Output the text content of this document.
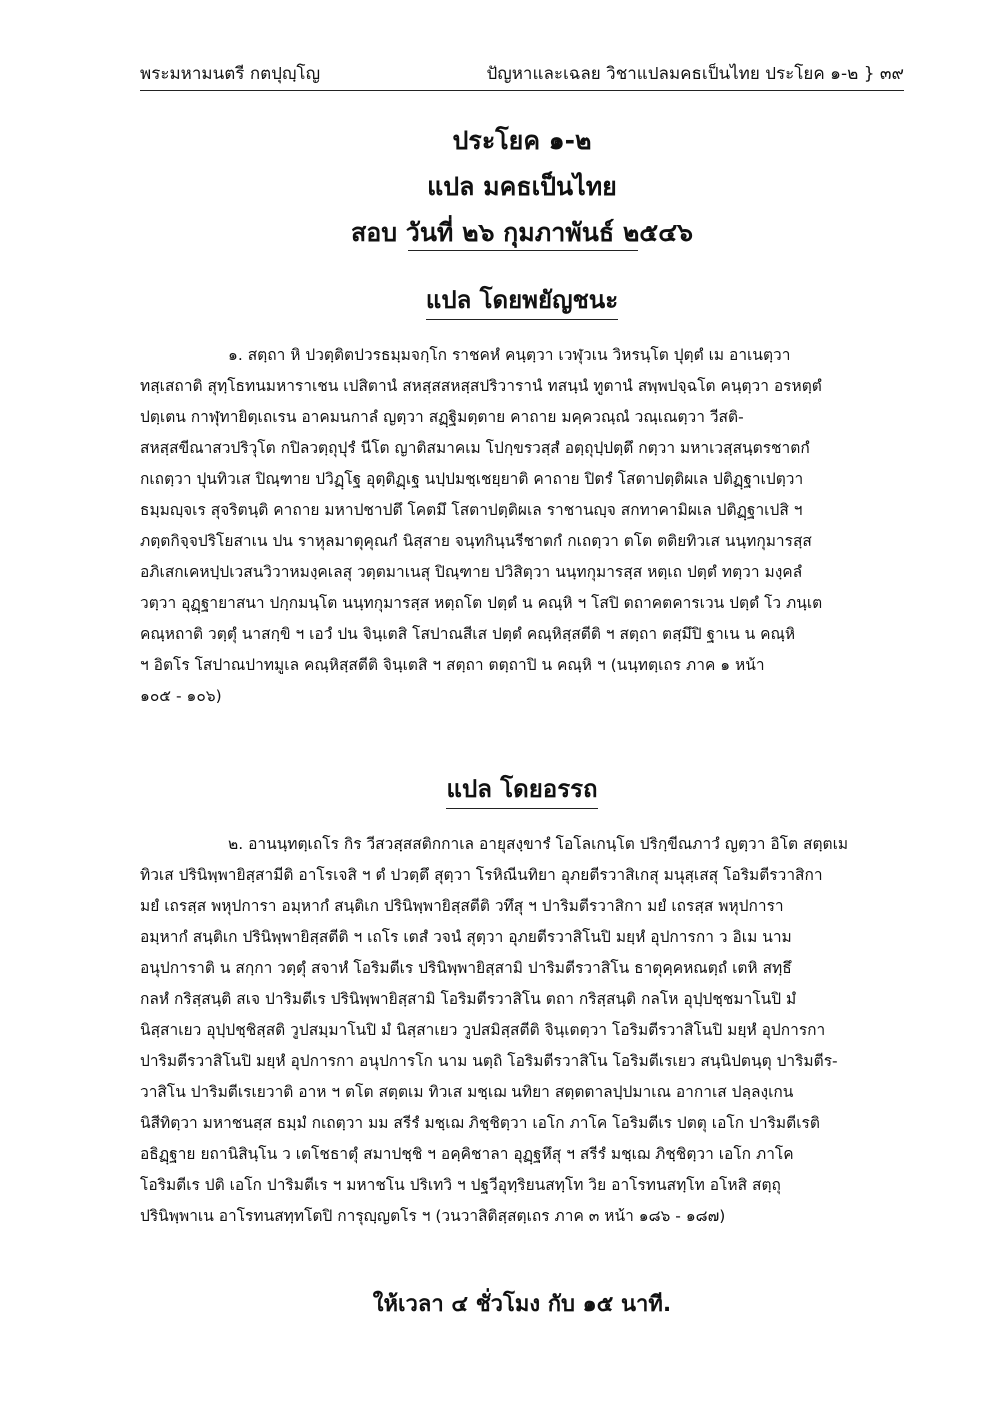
พระมหามนตรี กตปุญฺโญ	ปัญหาและเฉลย วิชาแปลมคธเป็นไทย ประโยค ๑-๒ } ๓๙
ประโยค ๑-๒
แปล มคธเป็นไทย
สอบ วันที่ ๒๖ กุมภาพันธ์ ๒๕๔๖
แปล โดยพยัญชนะ
๑. สตฺถา หิ ปวตฺติตปวรธมฺมจกฺโก ราชคหํ คนฺตฺวา เวฬุวเน วิหรนฺโต ปุตฺตํ เม อาเนตฺวา
ทสฺเสถาติ สุทฺโธทนมหาราเชน เปสิตานํ สหสฺสสหสฺสปริวารานํ ทสนฺนํ ทูตานํ สพฺพปจฺฉโต คนฺตฺวา อรหตฺตํ
ปตฺเตน กาฬุทายิตฺเถเรน อาคมนกาลํ ญตฺวา สฏฺฐิมตฺตาย คาถาย มคฺควณฺณํ วณฺเณตฺวา วีสติ-
สหสฺสขีณาสวปริวุโต กปิลวตฺถุปุรํ นีโต ญาติสมาคเม โปกฺขรวสฺสํ อตฺถุปฺปตฺตึ กตฺวา มหาเวสฺสนฺตรชาตกํ
กเถตฺวา ปุนทิวเส ปิณฺฑาย ปวิฏฺโฐ อุตฺติฏฺเฐ นปฺปมชฺเชยฺยาติ คาถาย ปิตรํ โสตาปตฺติผเล ปติฏฺฐาเปตฺวา
ธมฺมญฺจเร สุจริตนฺติ คาถาย มหาปชาปตึ โคตมึ โสตาปตฺติผเล ราชานญฺจ สกทาคามิผเล ปติฏฺฐาเปสิ ฯ
ภตฺตกิจฺจปริโยสาเน ปน ราหุลมาตุคุณกํ นิสฺสาย จนฺทกินฺนรีชาตกํ กเถตฺวา ตโต ตติยทิวเส นนฺทกุมารสฺส
อภิเสกเคหปฺปเวสนวิวาหมงฺคเลสุ วตฺตมาเนสุ ปิณฺฑาย ปวิสิตฺวา นนฺทกุมารสฺส หตฺเถ ปตฺตํ ทตฺวา มงฺคลํ
วตฺวา อุฏฺฐายาสนา ปกฺกมนฺโต นนฺทกุมารสฺส หตฺถโต ปตฺตํ น คณฺหิ ฯ โสปิ ตถาคตคารเวน ปตฺตํ โว ภนฺเต
คณฺหถาติ วตฺตุํ นาสกฺขิ ฯ เอวํ ปน จินฺเตสิ โสปาณสีเส ปตฺตํ คณฺหิสฺสตีติ ฯ สตฺถา ตสฺมึปิ ฐาเน น คณฺหิ
ฯ อิตโร โสปาณปาทมูเล คณฺหิสฺสตีติ จินฺเตสิ ฯ สตฺถา ตตฺถาปิ น คณฺหิ ฯ (นนฺทตฺเถร ภาค ๑ หน้า
๑๐๕ - ๑๐๖)
แปล โดยอรรถ
๒. อานนฺทตฺเถโร กิร วีสวสฺสสติกกาเล อายุสงฺขารํ โอโลเกนฺโต ปริกฺขีณภาวํ ญตฺวา อิโต สตฺตเม
ทิวเส ปรินิพฺพายิสฺสามีติ อาโรเจสิ ฯ ตํ ปวตฺตึ สุตฺวา โรหิณีนทิยา อุภยตีรวาสิเกสุ มนุสฺเสสุ โอริมตีรวาสิกา
มยํ เถรสฺส พหุปการา อมฺหากํ สนฺติเก ปรินิพฺพายิสฺสตีติ วทึสุ ฯ ปาริมตีรวาสิกา มยํ เถรสฺส พหุปการา
อมฺหากํ สนฺติเก ปรินิพฺพายิสฺสตีติ ฯ เถโร เตสํ วจนํ สุตฺวา อุภยตีรวาสิโนปิ มยฺหํ อุปการกา ว อิเม นาม
อนุปการาติ น สกฺกา วตฺตุํ สจาหํ โอริมตีเร ปรินิพฺพายิสฺสามิ ปาริมตีรวาสิโน ธาตุคฺคหณตฺถํ เตหิ สทฺธึ
กลหํ กริสฺสนฺติ สเจ ปาริมตีเร ปรินิพฺพายิสฺสามิ โอริมตีรวาสิโน ตถา กริสฺสนฺติ กลโห อุปฺปชฺชมาโนปิ มํ
นิสฺสาเยว อุปฺปชฺชิสฺสติ วูปสมฺมาโนปิ มํ นิสฺสาเยว วูปสมิสฺสตีติ จินฺเตตฺวา โอริมตีรวาสิโนปิ มยฺหํ อุปการกา
ปาริมตีรวาสิโนปิ มยฺหํ อุปการกา อนุปการโก นาม นตฺถิ โอริมตีรวาสิโน โอริมตีเรเยว สนฺนิปตนฺตุ ปาริมตีร-
วาสิโน ปาริมตีเรเยวาติ อาห ฯ ตโต สตฺตเม ทิวเส มชฺเฌ นทิยา สตฺตตาลปฺปมาเณ อากาเส ปลฺลงฺเกน
นิสีทิตฺวา มหาชนสฺส ธมฺมํ กเถตฺวา มม สรีรํ มชฺเฌ ภิชฺชิตฺวา เอโก ภาโค โอริมตีเร ปตตุ เอโก ปาริมตีเรติ
อธิฏฺฐาย ยถานิสินฺโน ว เตโชธาตุํ สมาปชฺชิ ฯ อคฺคิชาลา อุฏฺฐหึสุ ฯ สรีรํ มชฺเฌ ภิชฺชิตฺวา เอโก ภาโค
โอริมตีเร ปติ เอโก ปาริมตีเร ฯ มหาชโน ปริเทวิ ฯ ปฐวีอุทฺริยนสทฺโท วิย อาโรทนสทฺโท อโหสิ สตฺถุ
ปรินิพฺพาเน อาโรทนสทฺทโตปิ การุญฺญตโร ฯ (วนวาสิติสฺสตฺเถร ภาค ๓ หน้า ๑๘๖ - ๑๘๗)
ให้เวลา ๔ ชั่วโมง กับ ๑๕ นาที.
